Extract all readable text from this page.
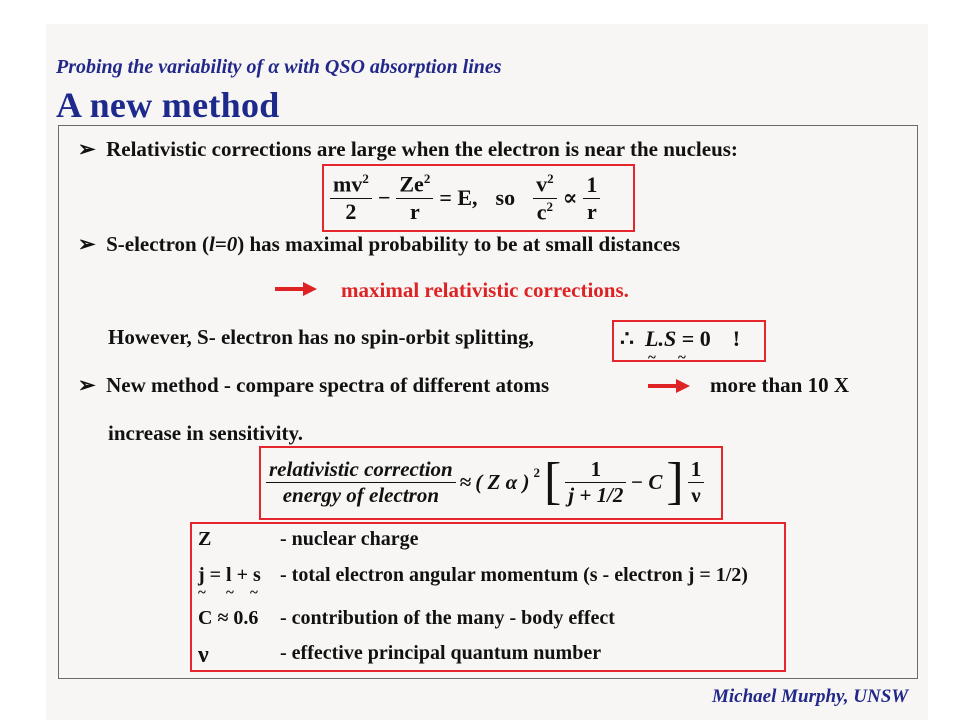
Probing the variability of α with QSO absorption lines
A new method
➢ Relativistic corrections are large when the electron is near the nucleus:
$\frac{mv^2}{2} - \frac{Ze^2}{r} = E$, so $\frac{v^2}{c^2} \propto \frac{1}{r}$
➢ S-electron (l=0) has maximal probability to be at small distances
maximal relativistic corrections.
However, S- electron has no spin-orbit splitting,	∴ L.S = 0 !
~ ~
➢ New method - compare spectra of different atoms	more than 10 X
increase in sensitivity.
$\frac{\text{relativistic correction}}{\text{energy of electron}}$ ≈ ( Z α ) $^2$ [ $\frac{1}{j + 1/2} - C$ ] $\frac{1}{\nu}$
Z	- nuclear charge
j = l + s - total electron angular momentum (s - electron j = 1/2)
~ ~ ~
C ≈ 0.6 - contribution of the many - body effect
ν	- effective principal quantum number
Michael Murphy, UNSW
